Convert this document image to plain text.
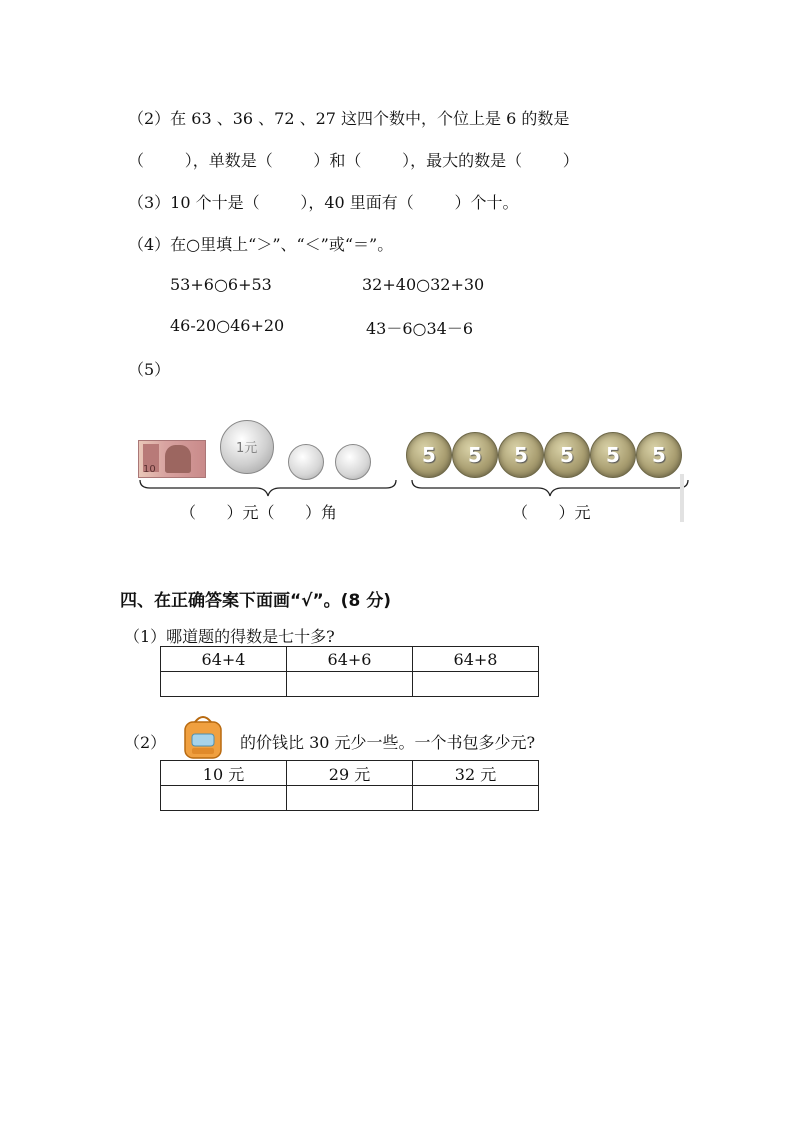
（2）在 63 、36 、72 、27 这四个数中，个位上是 6 的数是
（        ），单数是（        ）和（        ），最大的数是（        ）
（3）10 个十是（        ），40 里面有（        ）个十。
（4）在○里填上“＞”、“＜”或“＝”。
53+6○6+53	32+40○32+30
46-20○46+20	43－6○34－6
（5）
10
1元	5	5	5	5	5	5
（      ）元（      ）角	（      ）元
四、在正确答案下面画“√”。(8 分)
（1）哪道题的得数是七十多?
64+4	64+6	64+8

（2）	的价钱比 30 元少一些。一个书包多少元?
10 元	29 元	32 元
